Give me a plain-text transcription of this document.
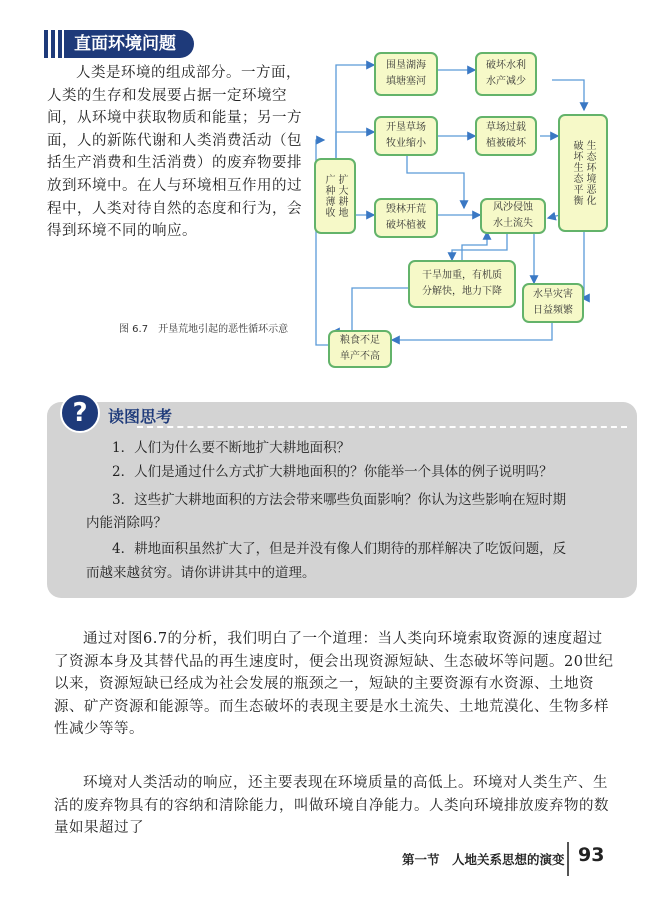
直面环境问题

人类是环境的组成部分。一方面，人类的生存和发展要占据一定环境空间，从环境中获取物质和能量；另一方面，人的新陈代谢和人类消费活动（包括生产消费和生活消费）的废弃物要排放到环境中。在人与环境相互作用的过程中，人类对待自然的态度和行为，会得到环境不同的响应。

扩大耕地
广种薄收
围垦湖海
填塘塞河
破坏水利
水产减少
开垦草场
牧业缩小
草场过载
植被破坏	生态环境恶化
破坏生态平衡
毁林开荒
破坏植被
风沙侵蚀
水土流失
干旱加重，有机质
分解快，地力下降	水旱灾害
日益频繁
粮食不足
单产不高
图 6.7　开垦荒地引起的恶性循环示意
?	读图思考

1．人们为什么要不断地扩大耕地面积？

2．人们是通过什么方式扩大耕地面积的？你能举一个具体的例子说明吗？

3．这些扩大耕地面积的方法会带来哪些负面影响？你认为这些影响在短时期

内能消除吗？

4．耕地面积虽然扩大了，但是并没有像人们期待的那样解决了吃饭问题，反

而越来越贫穷。请你讲讲其中的道理。

通过对图6.7的分析，我们明白了一个道理：当人类向环境索取资源的速度超过了资源本身及其替代品的再生速度时，便会出现资源短缺、生态破坏等问题。20世纪以来，资源短缺已经成为社会发展的瓶颈之一，短缺的主要资源有水资源、土地资源、矿产资源和能源等。而生态破坏的表现主要是水土流失、土地荒漠化、生物多样性减少等等。

环境对人类活动的响应，还主要表现在环境质量的高低上。环境对人类生产、生活的废弃物具有的容纳和清除能力，叫做环境自净能力。人类向环境排放废弃物的数量如果超过了

第一节　人地关系思想的演变 93
